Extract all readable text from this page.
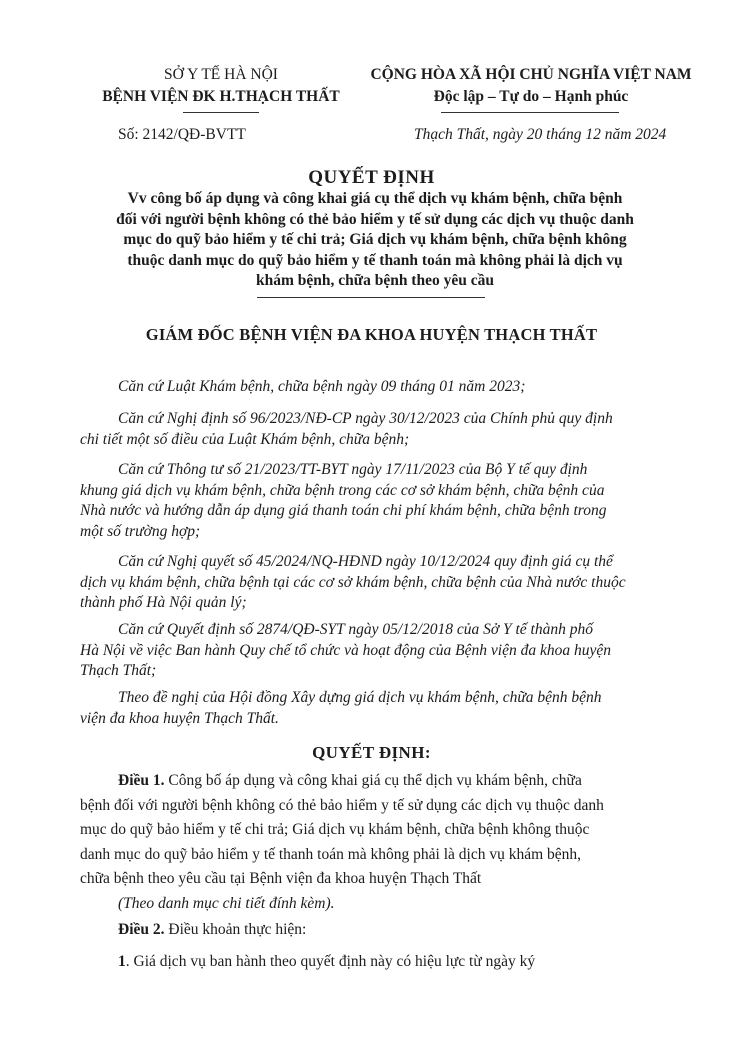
SỞ Y TẾ HÀ NỘI
BỆNH VIỆN ĐK H.THẠCH THẤT
CỘNG HÒA XÃ HỘI CHỦ NGHĨA VIỆT NAM
Độc lập – Tự do – Hạnh phúc
Số: 2142/QĐ-BVTT	Thạch Thất, ngày 20 tháng 12 năm 2024
QUYẾT ĐỊNH
Vv công bố áp dụng và công khai giá cụ thể dịch vụ khám bệnh, chữa bệnh
đối với người bệnh không có thẻ bảo hiểm y tế sử dụng các dịch vụ thuộc danh
mục do quỹ bảo hiểm y tế chi trả; Giá dịch vụ khám bệnh, chữa bệnh không
thuộc danh mục do quỹ bảo hiểm y tế thanh toán mà không phải là dịch vụ
khám bệnh, chữa bệnh theo yêu cầu
GIÁM ĐỐC BỆNH VIỆN ĐA KHOA HUYỆN THẠCH THẤT
Căn cứ Luật Khám bệnh, chữa bệnh ngày 09 tháng 01 năm 2023;
Căn cứ Nghị định số 96/2023/NĐ-CP ngày 30/12/2023 của Chính phủ quy định
chi tiết một số điều của Luật Khám bệnh, chữa bệnh;
Căn cứ Thông tư số 21/2023/TT-BYT ngày 17/11/2023 của Bộ Y tế quy định
khung giá dịch vụ khám bệnh, chữa bệnh trong các cơ sở khám bệnh, chữa bệnh của
Nhà nước và hướng dẫn áp dụng giá thanh toán chi phí khám bệnh, chữa bệnh trong
một số trường hợp;
Căn cứ Nghị quyết số 45/2024/NQ-HĐND ngày 10/12/2024 quy định giá cụ thể
dịch vụ khám bệnh, chữa bệnh tại các cơ sở khám bệnh, chữa bệnh của Nhà nước thuộc
thành phố Hà Nội quản lý;
Căn cứ Quyết định số 2874/QĐ-SYT ngày 05/12/2018 của Sở Y tế thành phố
Hà Nội về việc Ban hành Quy chế tổ chức và hoạt động của Bệnh viện đa khoa huyện
Thạch Thất;
Theo đề nghị của Hội đồng Xây dựng giá dịch vụ khám bệnh, chữa bệnh bệnh
viện đa khoa huyện Thạch Thất.
QUYẾT ĐỊNH:
Điều 1. Công bố áp dụng và công khai giá cụ thể dịch vụ khám bệnh, chữa
bệnh đối với người bệnh không có thẻ bảo hiểm y tế sử dụng các dịch vụ thuộc danh
mục do quỹ bảo hiểm y tế chi trả; Giá dịch vụ khám bệnh, chữa bệnh không thuộc
danh mục do quỹ bảo hiểm y tế thanh toán mà không phải là dịch vụ khám bệnh,
chữa bệnh theo yêu cầu tại Bệnh viện đa khoa huyện Thạch Thất
(Theo danh mục chi tiết đính kèm).
Điều 2. Điều khoản thực hiện:
1. Giá dịch vụ ban hành theo quyết định này có hiệu lực từ ngày ký
